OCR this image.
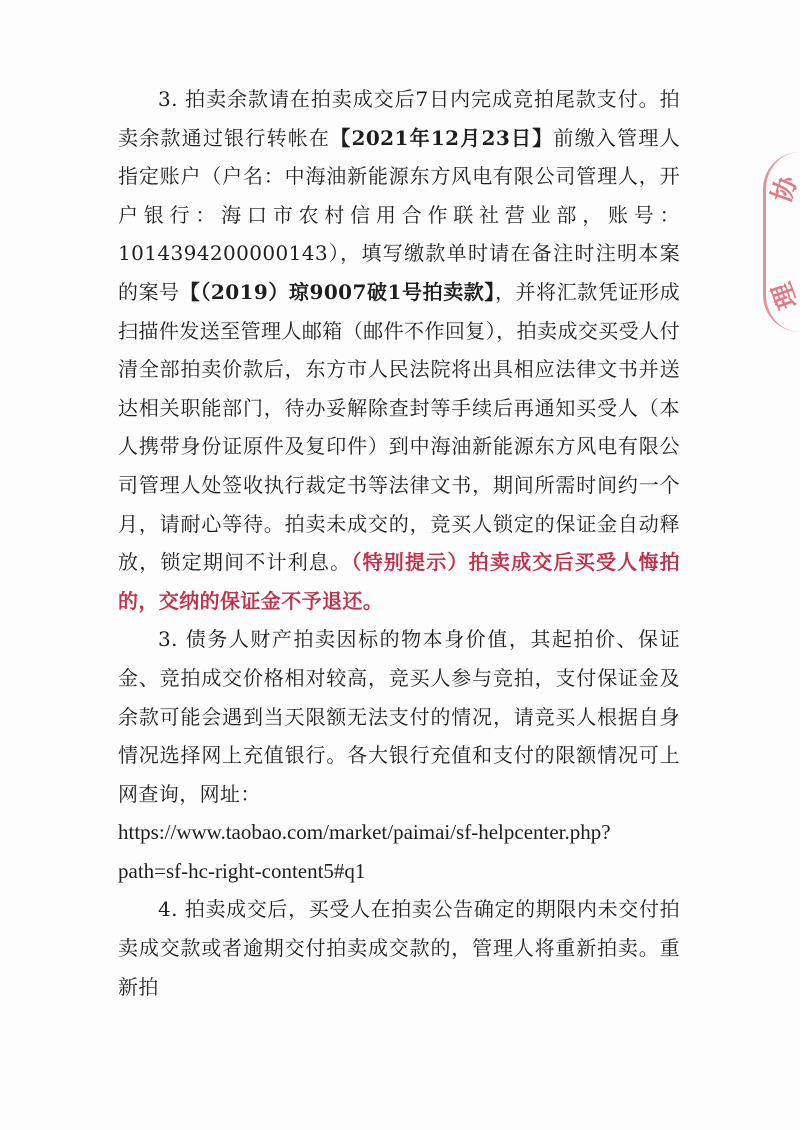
3. 拍卖余款请在拍卖成交后7日内完成竞拍尾款支付。拍卖余款通过银行转帐在【2021年12月23日】前缴入管理人指定账户（户名：中海油新能源东方风电有限公司管理人，开户银行：海口市农村信用合作联社营业部，账号：1014394200000143），填写缴款单时请在备注时注明本案的案号【（2019）琼9007破1号拍卖款】，并将汇款凭证形成扫描件发送至管理人邮箱（邮件不作回复），拍卖成交买受人付清全部拍卖价款后，东方市人民法院将出具相应法律文书并送达相关职能部门，待办妥解除查封等手续后再通知买受人（本人携带身份证原件及复印件）到中海油新能源东方风电有限公司管理人处签收执行裁定书等法律文书，期间所需时间约一个月，请耐心等待。拍卖未成交的，竞买人锁定的保证金自动释放，锁定期间不计利息。（特别提示）拍卖成交后买受人悔拍的，交纳的保证金不予退还。

3. 债务人财产拍卖因标的物本身价值，其起拍价、保证金、竞拍成交价格相对较高，竞买人参与竞拍，支付保证金及余款可能会遇到当天限额无法支付的情况，请竞买人根据自身情况选择网上充值银行。各大银行充值和支付的限额情况可上网查询，网址：

https://www.taobao.com/market/paimai/sf-helpcenter.php?path=sf-hc-right-content5#q1

4. 拍卖成交后，买受人在拍卖公告确定的期限内未交付拍卖成交款或者逾期交付拍卖成交款的，管理人将重新拍卖。重新拍

协
理
